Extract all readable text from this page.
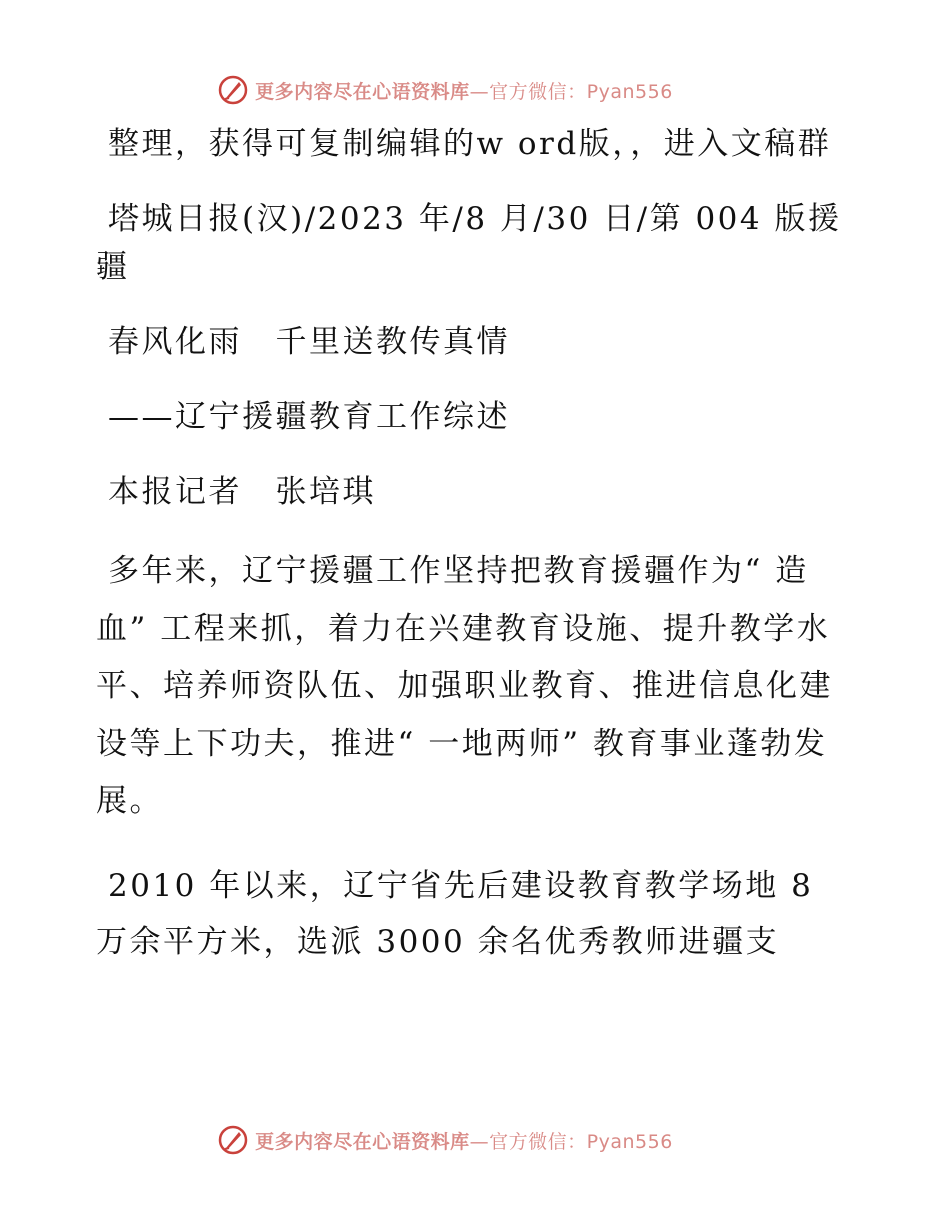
更多内容尽在心语资料库—官方微信：Pyan556

整理，获得可复制编辑的w ord版，，进入文稿群

塔城日报(汉)/2023 年/8 月/30 日/第 004 版援疆

春风化雨　千里送教传真情

——辽宁援疆教育工作综述

本报记者　张培琪

多年来，辽宁援疆工作坚持把教育援疆作为“ 造血” 工程来抓，着力在兴建教育设施、提升教学水平、培养师资队伍、加强职业教育、推进信息化建设等上下功夫，推进“ 一地两师” 教育事业蓬勃发展。

2010 年以来，辽宁省先后建设教育教学场地 8 万余平方米，选派 3000 余名优秀教师进疆支

更多内容尽在心语资料库—官方微信：Pyan556
